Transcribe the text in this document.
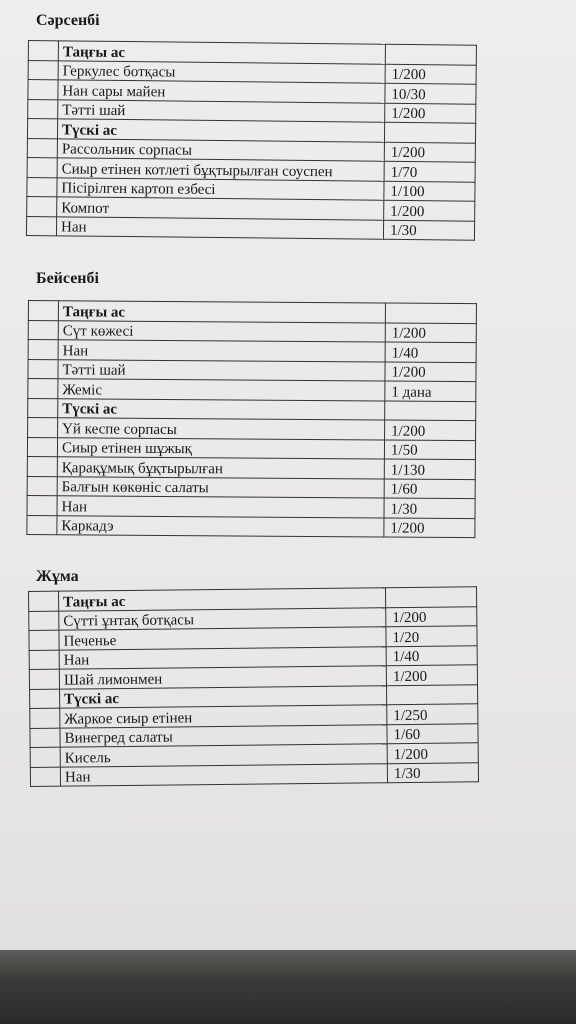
Сәрсенбі
	Таңғы ас	
	Геркулес ботқасы	1/200
	Нан сары майен	10/30
	Тәтті шай	1/200
	Түскі ас	
	Рассольник сорпасы	1/200
	Сиыр етінен котлеті бұқтырылған соуспен	1/70
	Пісірілген картоп езбесі	1/100
	Компот	1/200
	Нан	1/30
Бейсенбі
	Таңғы ас	
	Сүт көжесі	1/200
	Нан	1/40
	Тәтті шай	1/200
	Жеміс	1 дана
	Түскі ас	
	Үй кеспе сорпасы	1/200
	Сиыр етінен шұжық	1/50
	Қарақұмық бұқтырылған	1/130
	Балғын көкөніс салаты	1/60
	Нан	1/30
	Каркадэ	1/200
Жұма
	Таңғы ас	
	Сүтті ұнтақ ботқасы	1/200
	Печенье	1/20
	Нан	1/40
	Шай лимонмен	1/200
	Түскі ас	
	Жаркое сиыр етінен	1/250
	Винегред салаты	1/60
	Кисель	1/200
	Нан	1/30
